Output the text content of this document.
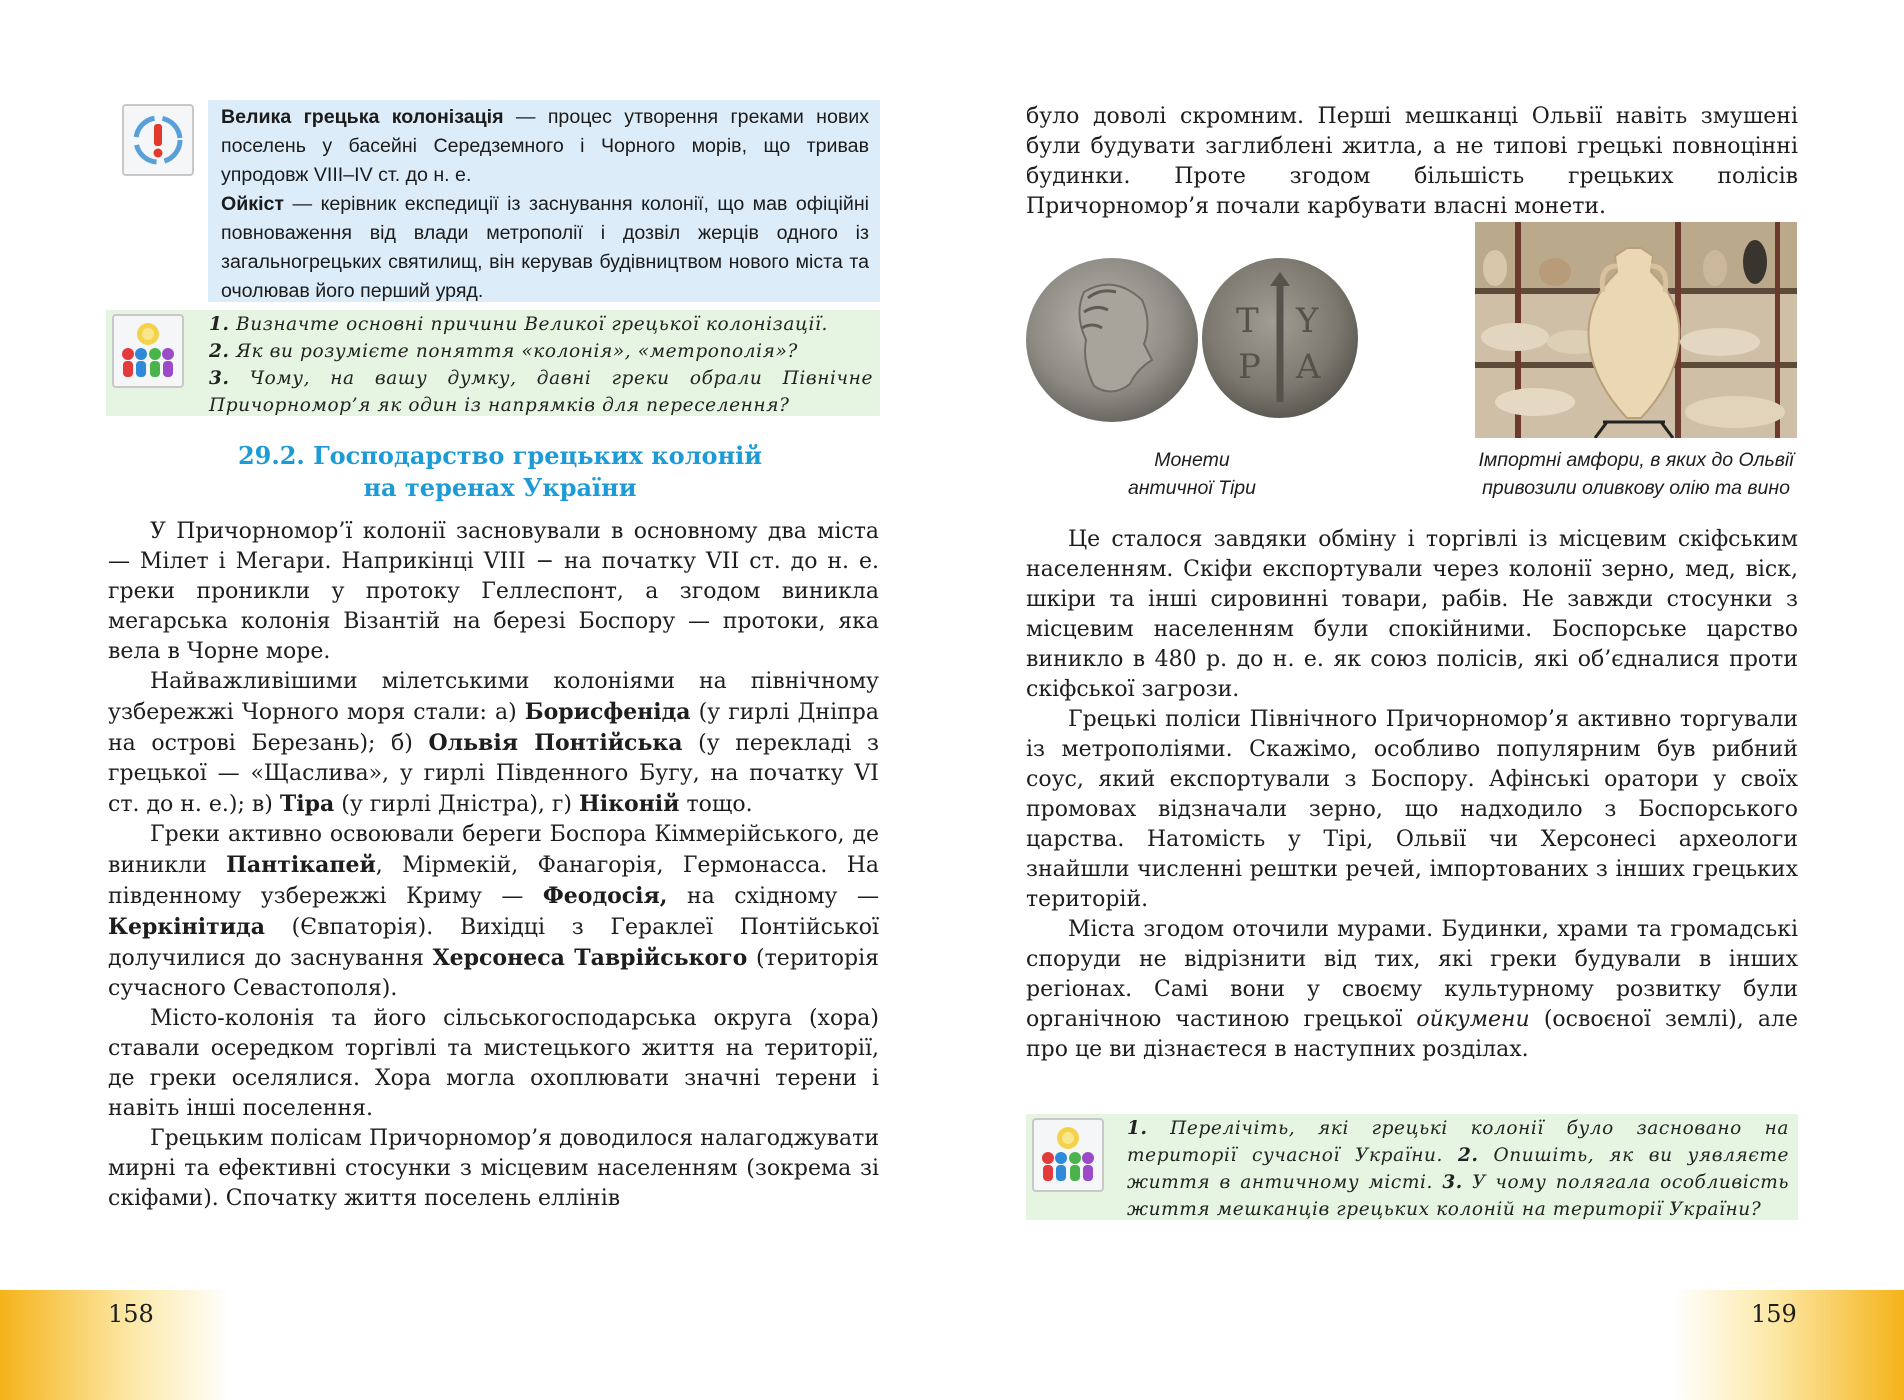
Велика грецька колонізація — процес утворення греками нових поселень у басейні Середземного і Чорного морів, що тривав упродовж VIII–IV ст. до н. е.
Ойкіст — керівник експедиції із заснування колонії, що мав офіційні повноваження від влади метрополії і дозвіл жерців одного із загальногрецьких святилищ, він керував будівництвом нового міста та очолював його перший уряд.
1. Визначте основні причини Великої грецької колонізації.
2. Як ви розумієте поняття «колонія», «метрополія»?
3. Чому, на вашу думку, давні греки обрали Північне Причорномор’я як один із напрямків для переселення?
29.2. Господарство грецьких колоній
на теренах України

У Причорномор’ї колонії засновували в основному два міста — Мілет і Мегари. Наприкінці VIII − на початку VII ст. до н. е. греки проникли у протоку Геллеспонт, а згодом виникла мегарська колонія Візантій на березі Боспору — протоки, яка вела в Чорне море.

Найважливішими мілетськими колоніями на північному узбережжі Чорного моря стали: а) Борисфеніда (у гирлі Дніпра на острові Березань); б) Ольвія Понтійська (у перекладі з грецької — «Щаслива», у гирлі Південного Бугу, на початку VI ст. до н. е.); в) Тіра (у гирлі Дністра), г) Ніконій тощо.

Греки активно освоювали береги Боспора Кіммерійського, де виникли Пантікапей, Мірмекій, Фанагорія, Гермонасса. На південному узбережжі Криму — Феодосія, на східному — Керкінітида (Євпаторія). Вихідці з Гераклеї Понтійської долучилися до заснування Херсонеса Таврійського (територія сучасного Севастополя).

Місто-колонія та його сільськогосподарська округа (хора) ставали осередком торгівлі та мистецького життя на території, де греки оселялися. Хора могла охоплювати значні терени і навіть інші поселення.

Грецьким полісам Причорномор’я доводилося налагоджувати мирні та ефективні стосунки з місцевим населенням (зокрема зі скіфами). Спочатку життя поселень еллінів

158

було доволі скромним. Перші мешканці Ольвії навіть змушені були будувати заглиблені житла, а не типові грецькі повноцінні будинки. Проте згодом більшість грецьких полісів Причорномор’я почали карбувати власні монети.

Т Υ
Ρ Α
Монети
античної Тіри
Імпортні амфори, в яких до Ольвії
привозили оливкову олію та вино

Це сталося завдяки обміну і торгівлі із місцевим скіфським населенням. Скіфи експортували через колонії зерно, мед, віск, шкіри та інші сировинні товари, рабів. Не завжди стосунки з місцевим населенням були спокійними. Боспорське царство виникло в 480 р. до н. е. як союз полісів, які об’єдналися проти скіфської загрози.

Грецькі поліси Північного Причорномор’я активно торгували із метрополіями. Скажімо, особливо популярним був рибний соус, який експортували з Боспору. Афінські оратори у своїх промовах відзначали зерно, що надходило з Боспорського царства. Натомість у Тірі, Ольвії чи Херсонесі археологи знайшли численні рештки речей, імпортованих з інших грецьких територій.

Міста згодом оточили мурами. Будинки, храми та громадські споруди не відрізнити від тих, які греки будували в інших регіонах. Самі вони у своєму культурному розвитку були органічною частиною грецької ойкумени (освоєної землі), але про це ви дізнаєтеся в наступних розділах.

1. Перелічіть, які грецькі колонії було засновано на території сучасної України. 2. Опишіть, як ви уявляєте життя в античному місті. 3. У чому полягала особливість життя мешканців грецьких колоній на території України?
159
